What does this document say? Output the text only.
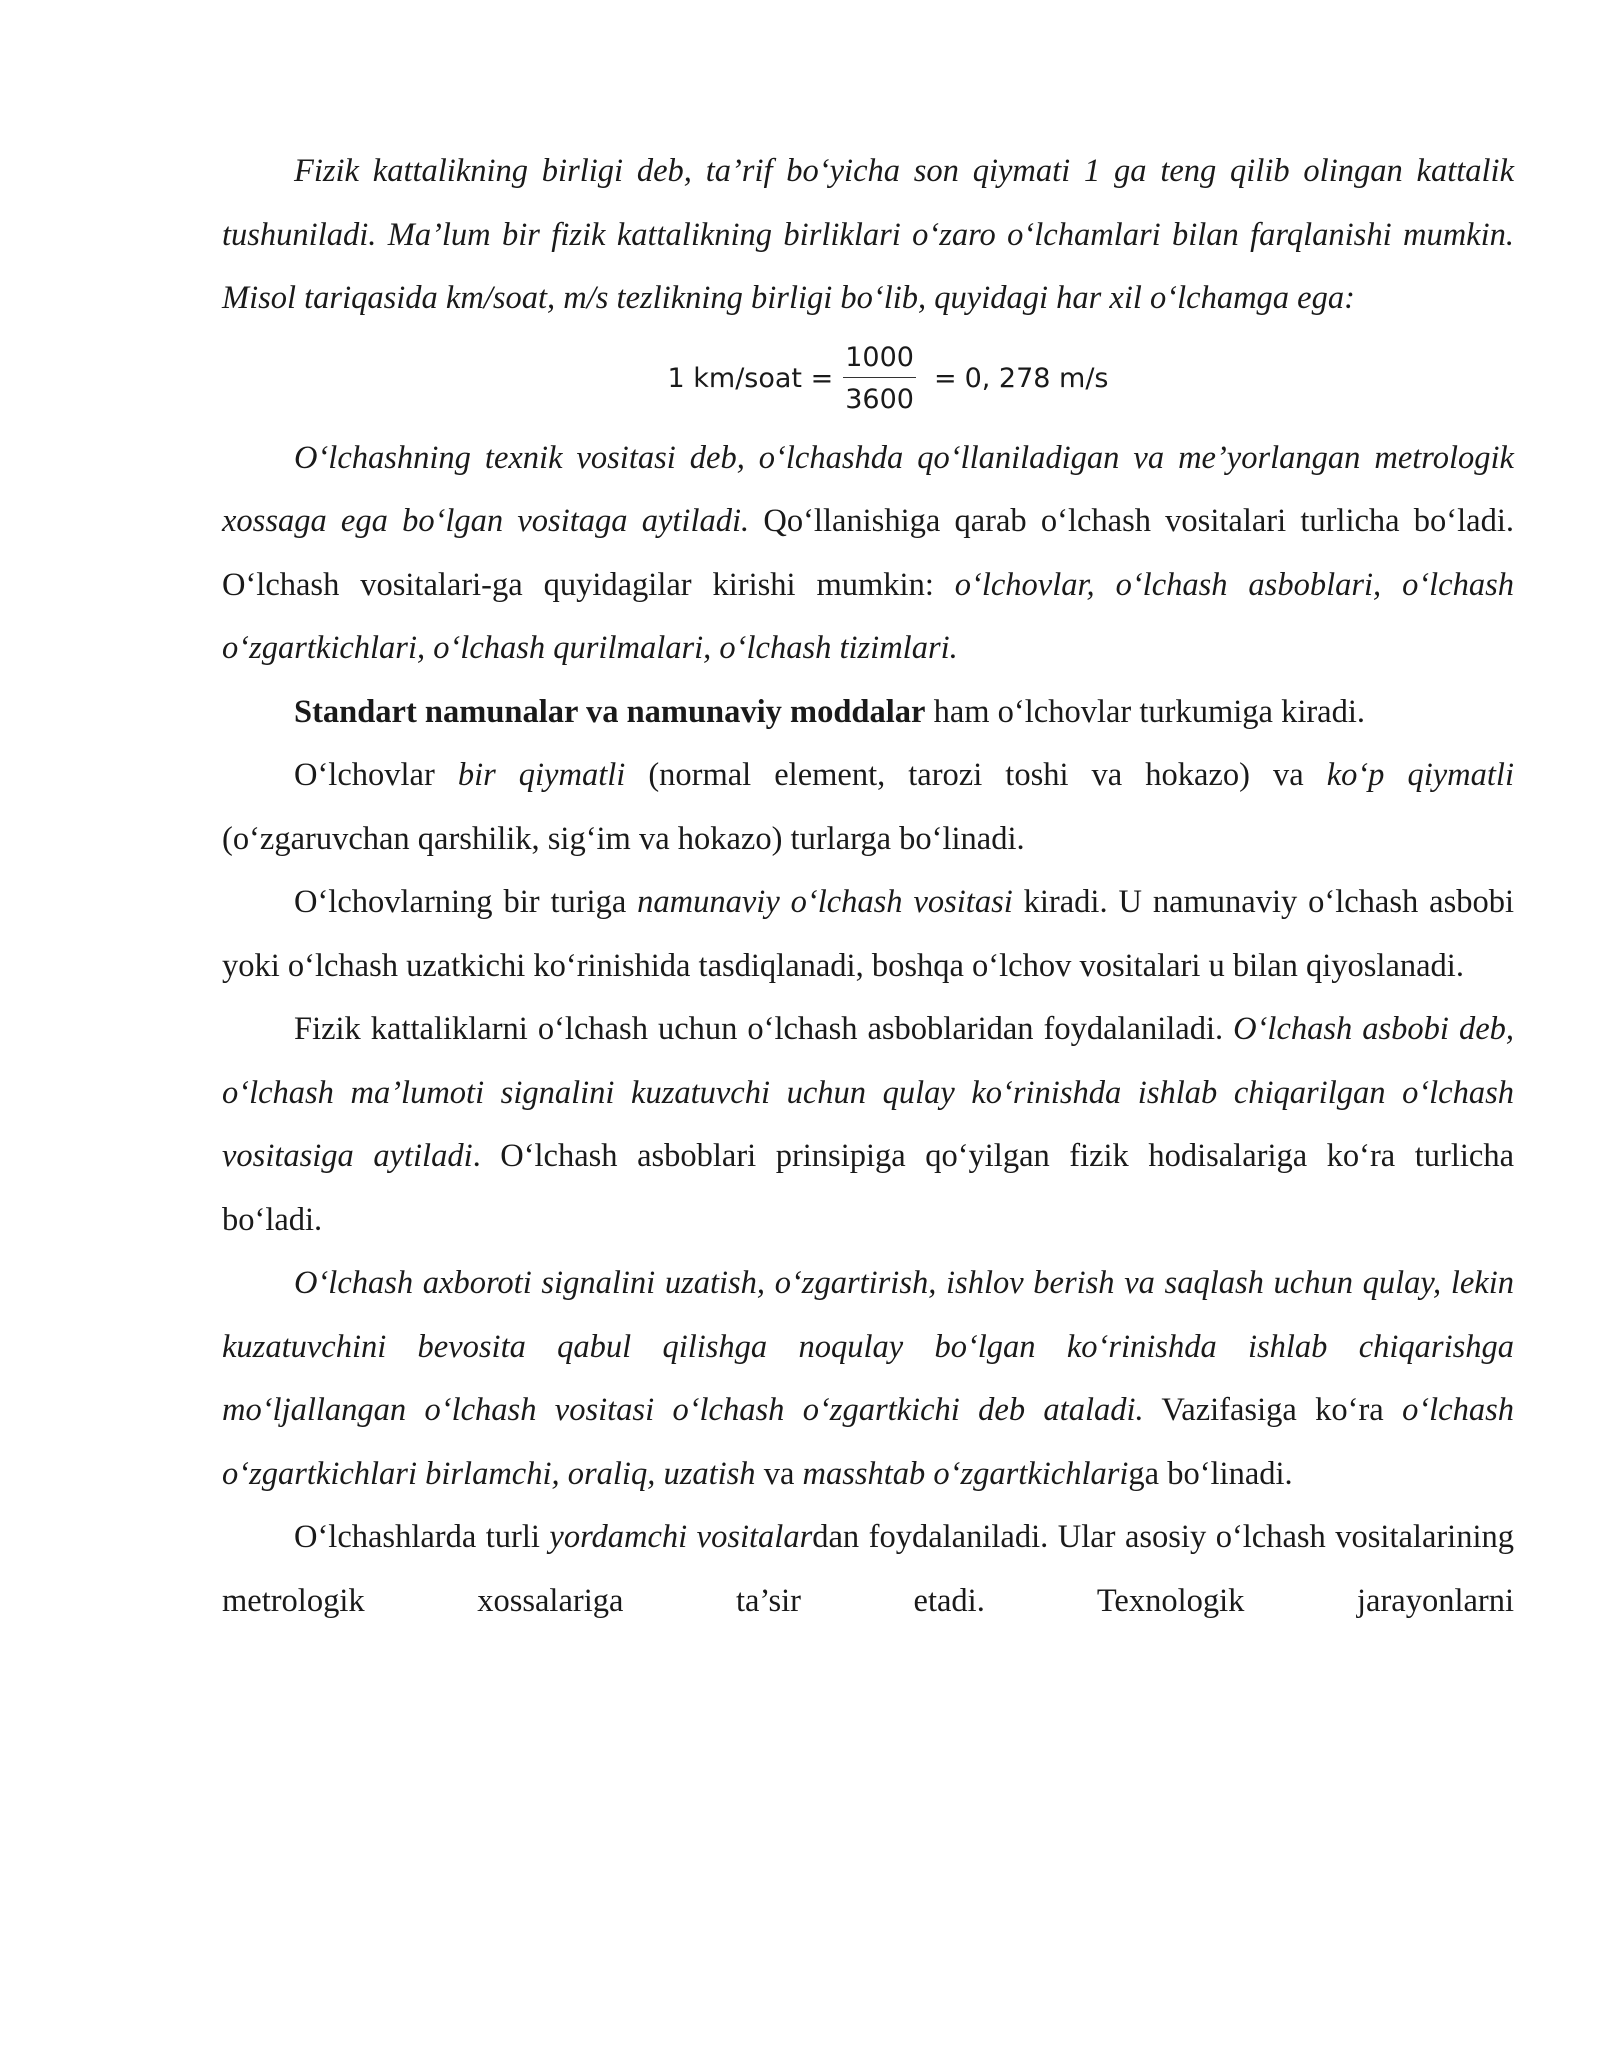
Fizik kattalikning birligi deb, ta’rif bo‘yicha son qiymati 1 ga teng qilib olingan kattalik tushuniladi. Ma’lum bir fizik kattalikning birliklari o‘zaro o‘lchamlari bilan farqlanishi mumkin. Misol tariqasida km/soat, m/s tezlikning birligi bo‘lib, quyidagi har xil o‘lchamga ega:

1 km/soat = $\frac{1000}{3600} = 0$, 278 m/s

O‘lchashning texnik vositasi deb, o‘lchashda qo‘llaniladigan va me’yorlangan metrologik xossaga ega bo‘lgan vositaga aytiladi. Qo‘llanishiga qarab o‘lchash vositalari turlicha bo‘ladi. O‘lchash vositalari-ga quyidagilar kirishi mumkin: o‘lchovlar, o‘lchash asboblari, o‘lchash o‘zgartkichlari, o‘lchash qurilmalari, o‘lchash tizimlari.

Standart namunalar va namunaviy moddalar ham o‘lchovlar turkumiga kiradi.

O‘lchovlar bir qiymatli (normal element, tarozi toshi va hokazo) va ko‘p qiymatli (o‘zgaruvchan qarshilik, sig‘im va hokazo) turlarga bo‘linadi.

O‘lchovlarning bir turiga namunaviy o‘lchash vositasi kiradi. U namunaviy o‘lchash asbobi yoki o‘lchash uzatkichi ko‘rinishida tasdiqlanadi, boshqa o‘lchov vositalari u bilan qiyoslanadi.

Fizik kattaliklarni o‘lchash uchun o‘lchash asboblaridan foydalaniladi. O‘lchash asbobi deb, o‘lchash ma’lumoti signalini kuzatuvchi uchun qulay ko‘rinishda ishlab chiqarilgan o‘lchash vositasiga aytiladi. O‘lchash asboblari prinsipiga qo‘yilgan fizik hodisalariga ko‘ra turlicha bo‘ladi.

O‘lchash axboroti signalini uzatish, o‘zgartirish, ishlov berish va saqlash uchun qulay, lekin kuzatuvchini bevosita qabul qilishga noqulay bo‘lgan ko‘rinishda ishlab chiqarishga mo‘ljallangan o‘lchash vositasi o‘lchash o‘zgartkichi deb ataladi. Vazifasiga ko‘ra o‘lchash o‘zgartkichlari birlamchi, oraliq, uzatish va masshtab o‘zgartkichlariga bo‘linadi.

O‘lchashlarda turli yordamchi vositalardan foydalaniladi. Ular asosiy o‘lchash vositalarining metrologik xossalariga ta’sir etadi. Texnologik jarayonlarni
